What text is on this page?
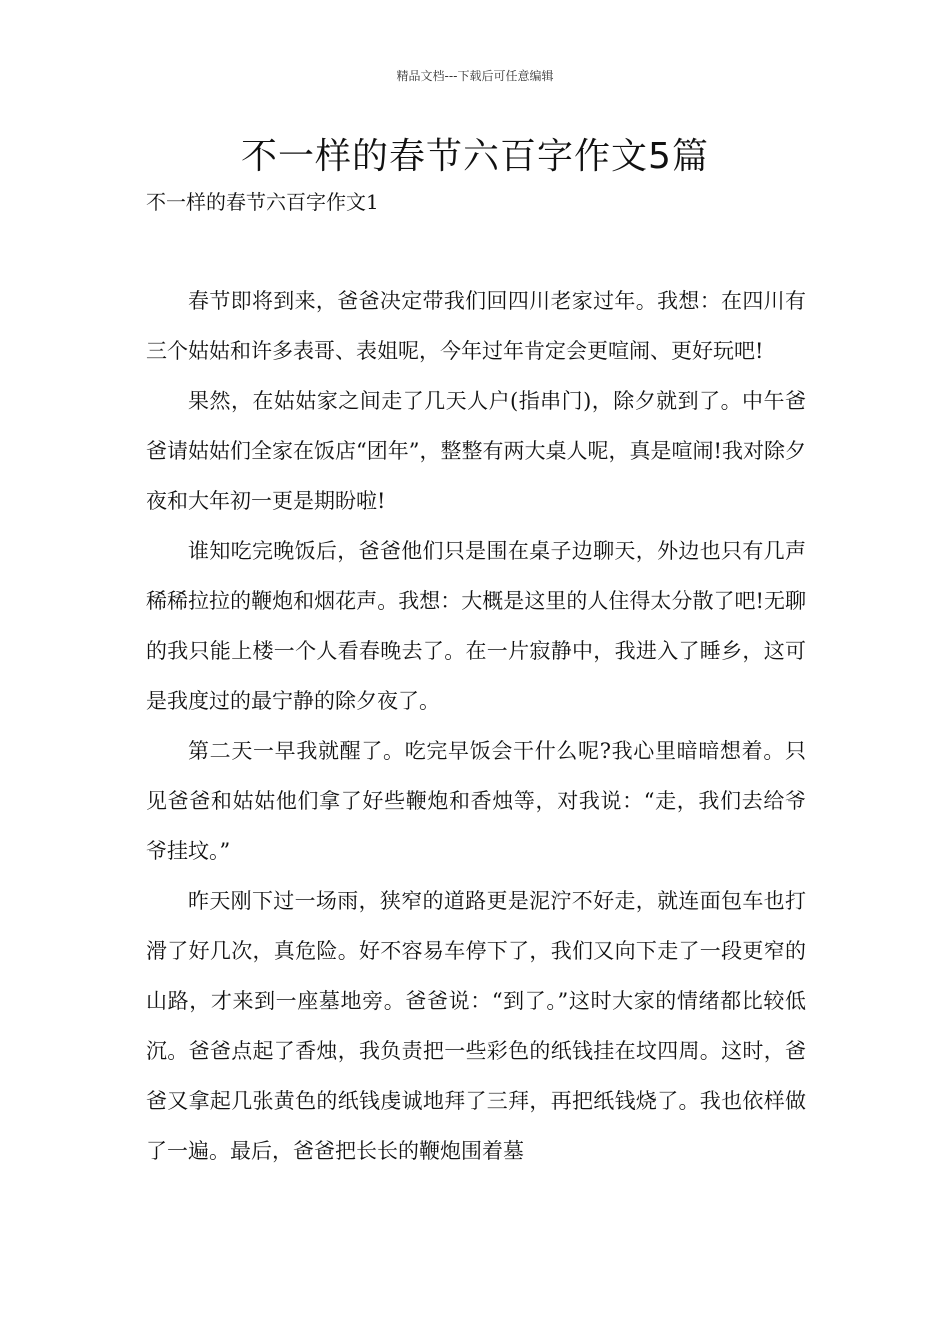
精品文档---下载后可任意编辑
不一样的春节六百字作文5篇
不一样的春节六百字作文1

春节即将到来，爸爸决定带我们回四川老家过年。我想：在四川有三个姑姑和许多表哥、表姐呢，今年过年肯定会更喧闹、更好玩吧!

果然，在姑姑家之间走了几天人户(指串门)，除夕就到了。中午爸爸请姑姑们全家在饭店“团年”，整整有两大桌人呢，真是喧闹!我对除夕夜和大年初一更是期盼啦!

谁知吃完晚饭后，爸爸他们只是围在桌子边聊天，外边也只有几声稀稀拉拉的鞭炮和烟花声。我想：大概是这里的人住得太分散了吧!无聊的我只能上楼一个人看春晚去了。在一片寂静中，我进入了睡乡，这可是我度过的最宁静的除夕夜了。

第二天一早我就醒了。吃完早饭会干什么呢?我心里暗暗想着。只见爸爸和姑姑他们拿了好些鞭炮和香烛等，对我说：“走，我们去给爷爷挂坟。”

昨天刚下过一场雨，狭窄的道路更是泥泞不好走，就连面包车也打滑了好几次，真危险。好不容易车停下了，我们又向下走了一段更窄的山路，才来到一座墓地旁。爸爸说：“到了。”这时大家的情绪都比较低沉。爸爸点起了香烛，我负责把一些彩色的纸钱挂在坟四周。这时，爸爸又拿起几张黄色的纸钱虔诚地拜了三拜，再把纸钱烧了。我也依样做了一遍。最后，爸爸把长长的鞭炮围着墓
